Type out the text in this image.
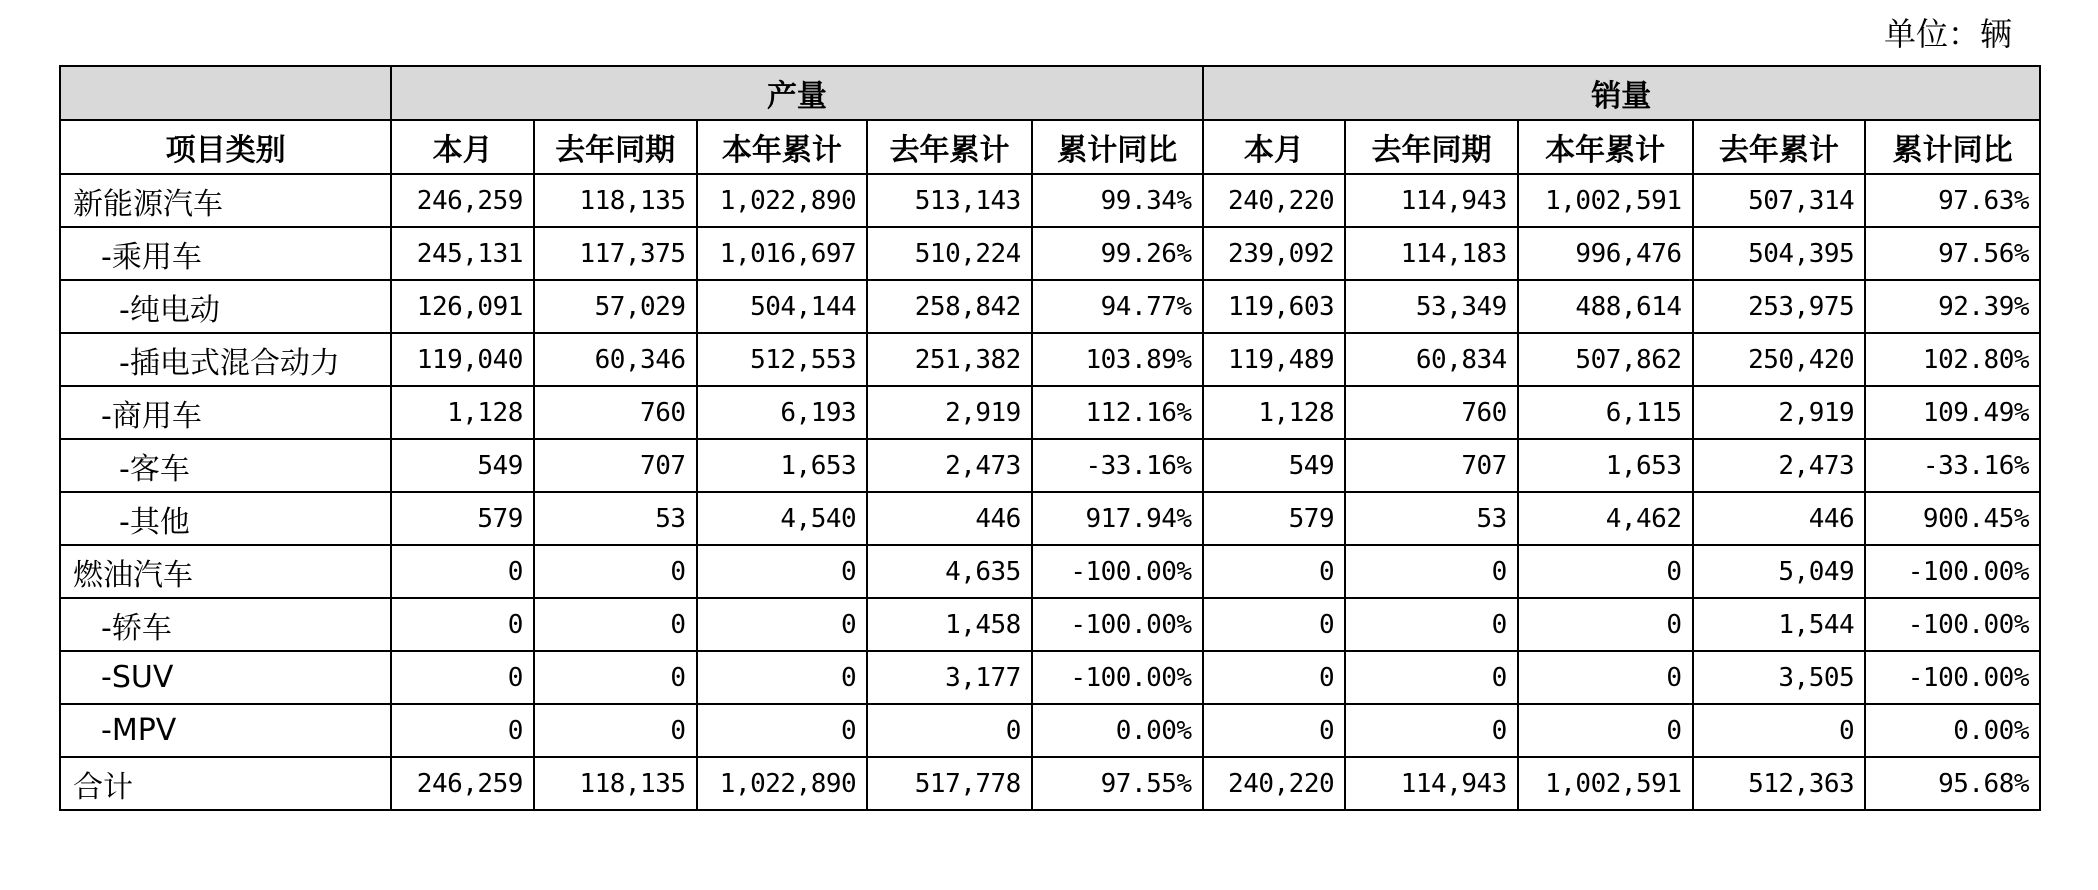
单位：辆
	产量					销量				
项目类别	本月	去年同期	本年累计	去年累计	累计同比	本月	去年同期	本年累计	去年累计	累计同比
新能源汽车	246,259	118,135	1,022,890	513,143	99.34%	240,220	114,943	1,002,591	507,314	97.63%
-乘用车	245,131	117,375	1,016,697	510,224	99.26%	239,092	114,183	996,476	504,395	97.56%
-纯电动	126,091	57,029	504,144	258,842	94.77%	119,603	53,349	488,614	253,975	92.39%
-插电式混合动力	119,040	60,346	512,553	251,382	103.89%	119,489	60,834	507,862	250,420	102.80%
-商用车	1,128	760	6,193	2,919	112.16%	1,128	760	6,115	2,919	109.49%
-客车	549	707	1,653	2,473	-33.16%	549	707	1,653	2,473	-33.16%
-其他	579	53	4,540	446	917.94%	579	53	4,462	446	900.45%
燃油汽车	0	0	0	4,635	-100.00%	0	0	0	5,049	-100.00%
-轿车	0	0	0	1,458	-100.00%	0	0	0	1,544	-100.00%
-SUV	0	0	0	3,177	-100.00%	0	0	0	3,505	-100.00%
-MPV	0	0	0	0	0.00%	0	0	0	0	0.00%
合计	246,259	118,135	1,022,890	517,778	97.55%	240,220	114,943	1,002,591	512,363	95.68%
